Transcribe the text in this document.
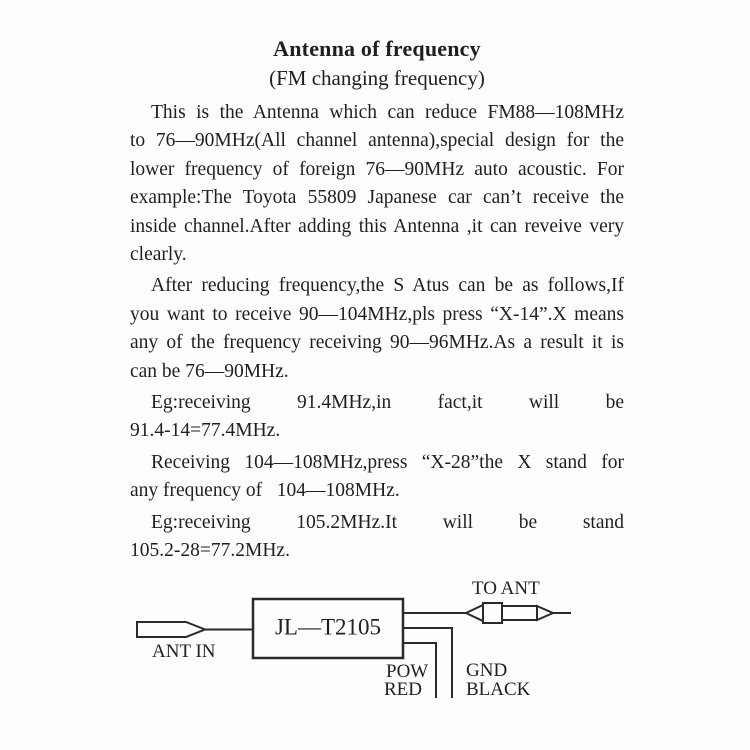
Antenna of frequency
(FM changing frequency)
This is the Antenna which can reduce FM88—108MHz
to 76—90MHz(All channel antenna),special design for the
lower frequency of foreign 76—90MHz auto acoustic. For
example:The Toyota 55809 Japanese car can’t receive the
inside channel.After adding this Antenna ,it can reveive very
clearly.
After reducing frequency,the S Atus can be as follows,If
you want to receive 90—104MHz,pls press “X-14”.X means
any of the frequency receiving 90—96MHz.As a result it is
can be 76—90MHz.
Eg:receiving 91.4MHz,in fact,it will be
91.4-14=77.4MHz.
Receiving 104—108MHz,press “X-28”the X stand for
any frequency of   104—108MHz.
Eg:receiving 105.2MHz.It will be stand
105.2-28=77.2MHz.
JL—T2105
TO ANT
ANT IN
POW
RED
GND
BLACK
